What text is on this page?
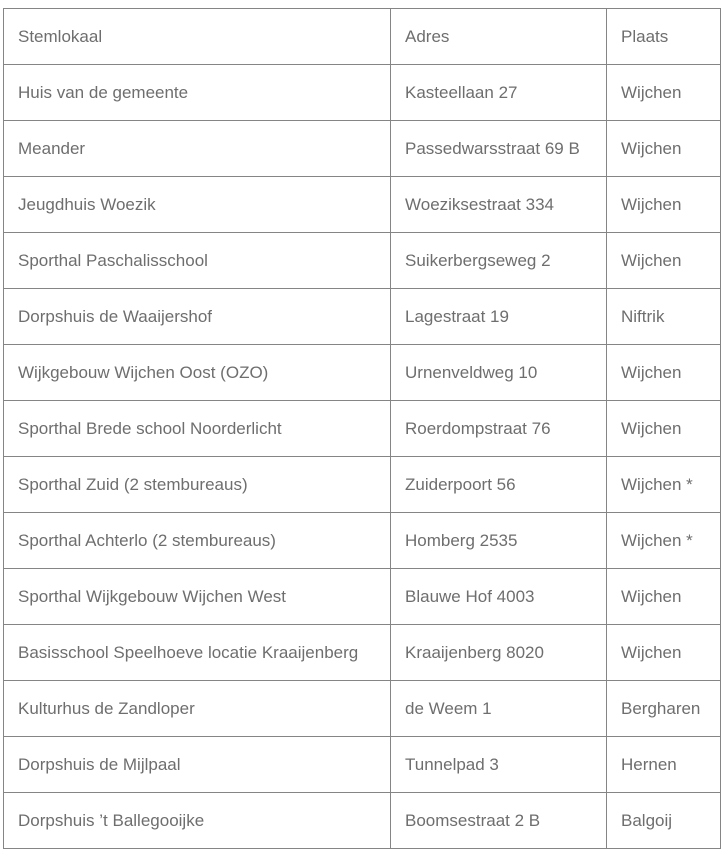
Stemlokaal	Adres	Plaats
Huis van de gemeente	Kasteellaan 27	Wijchen
Meander	Passedwarsstraat 69 B	Wijchen
Jeugdhuis Woezik	Woeziksestraat 334	Wijchen
Sporthal Paschalisschool	Suikerbergseweg 2	Wijchen
Dorpshuis de Waaijershof	Lagestraat 19	Niftrik
Wijkgebouw Wijchen Oost (OZO)	Urnenveldweg 10	Wijchen
Sporthal Brede school Noorderlicht	Roerdompstraat 76	Wijchen
Sporthal Zuid (2 stembureaus)	Zuiderpoort 56	Wijchen *
Sporthal Achterlo (2 stembureaus)	Homberg 2535	Wijchen *
Sporthal Wijkgebouw Wijchen West	Blauwe Hof 4003	Wijchen
Basisschool Speelhoeve locatie Kraaijenberg	Kraaijenberg 8020	Wijchen
Kulturhus de Zandloper	de Weem 1	Bergharen
Dorpshuis de Mijlpaal	Tunnelpad 3	Hernen
Dorpshuis ’t Ballegooijke	Boomsestraat 2 B	Balgoij
